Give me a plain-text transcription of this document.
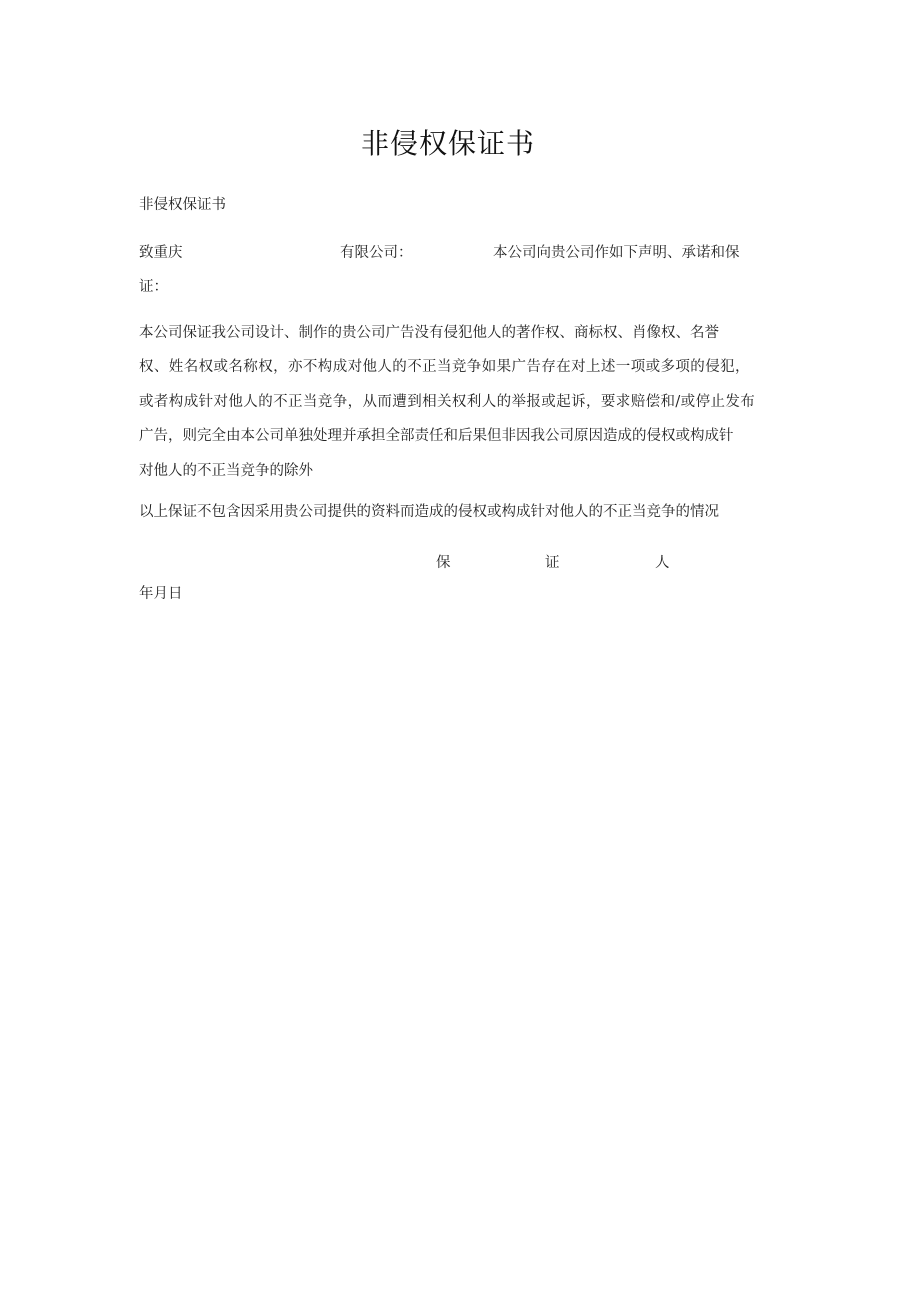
非侵权保证书
非侵权保证书
致重庆	有限公司：	本公司向贵公司作如下声明、承诺和保
证：
本公司保证我公司设计、制作的贵公司广告没有侵犯他人的著作权、商标权、肖像权、名誉
权、姓名权或名称权，亦不构成对他人的不正当竞争如果广告存在对上述一项或多项的侵犯，
或者构成针对他人的不正当竞争，从而遭到相关权利人的举报或起诉，要求赔偿和/或停止发布
广告，则完全由本公司单独处理并承担全部责任和后果但非因我公司原因造成的侵权或构成针
对他人的不正当竞争的除外
以上保证不包含因采用贵公司提供的资料而造成的侵权或构成针对他人的不正当竞争的情况
保	证	人
年月日
